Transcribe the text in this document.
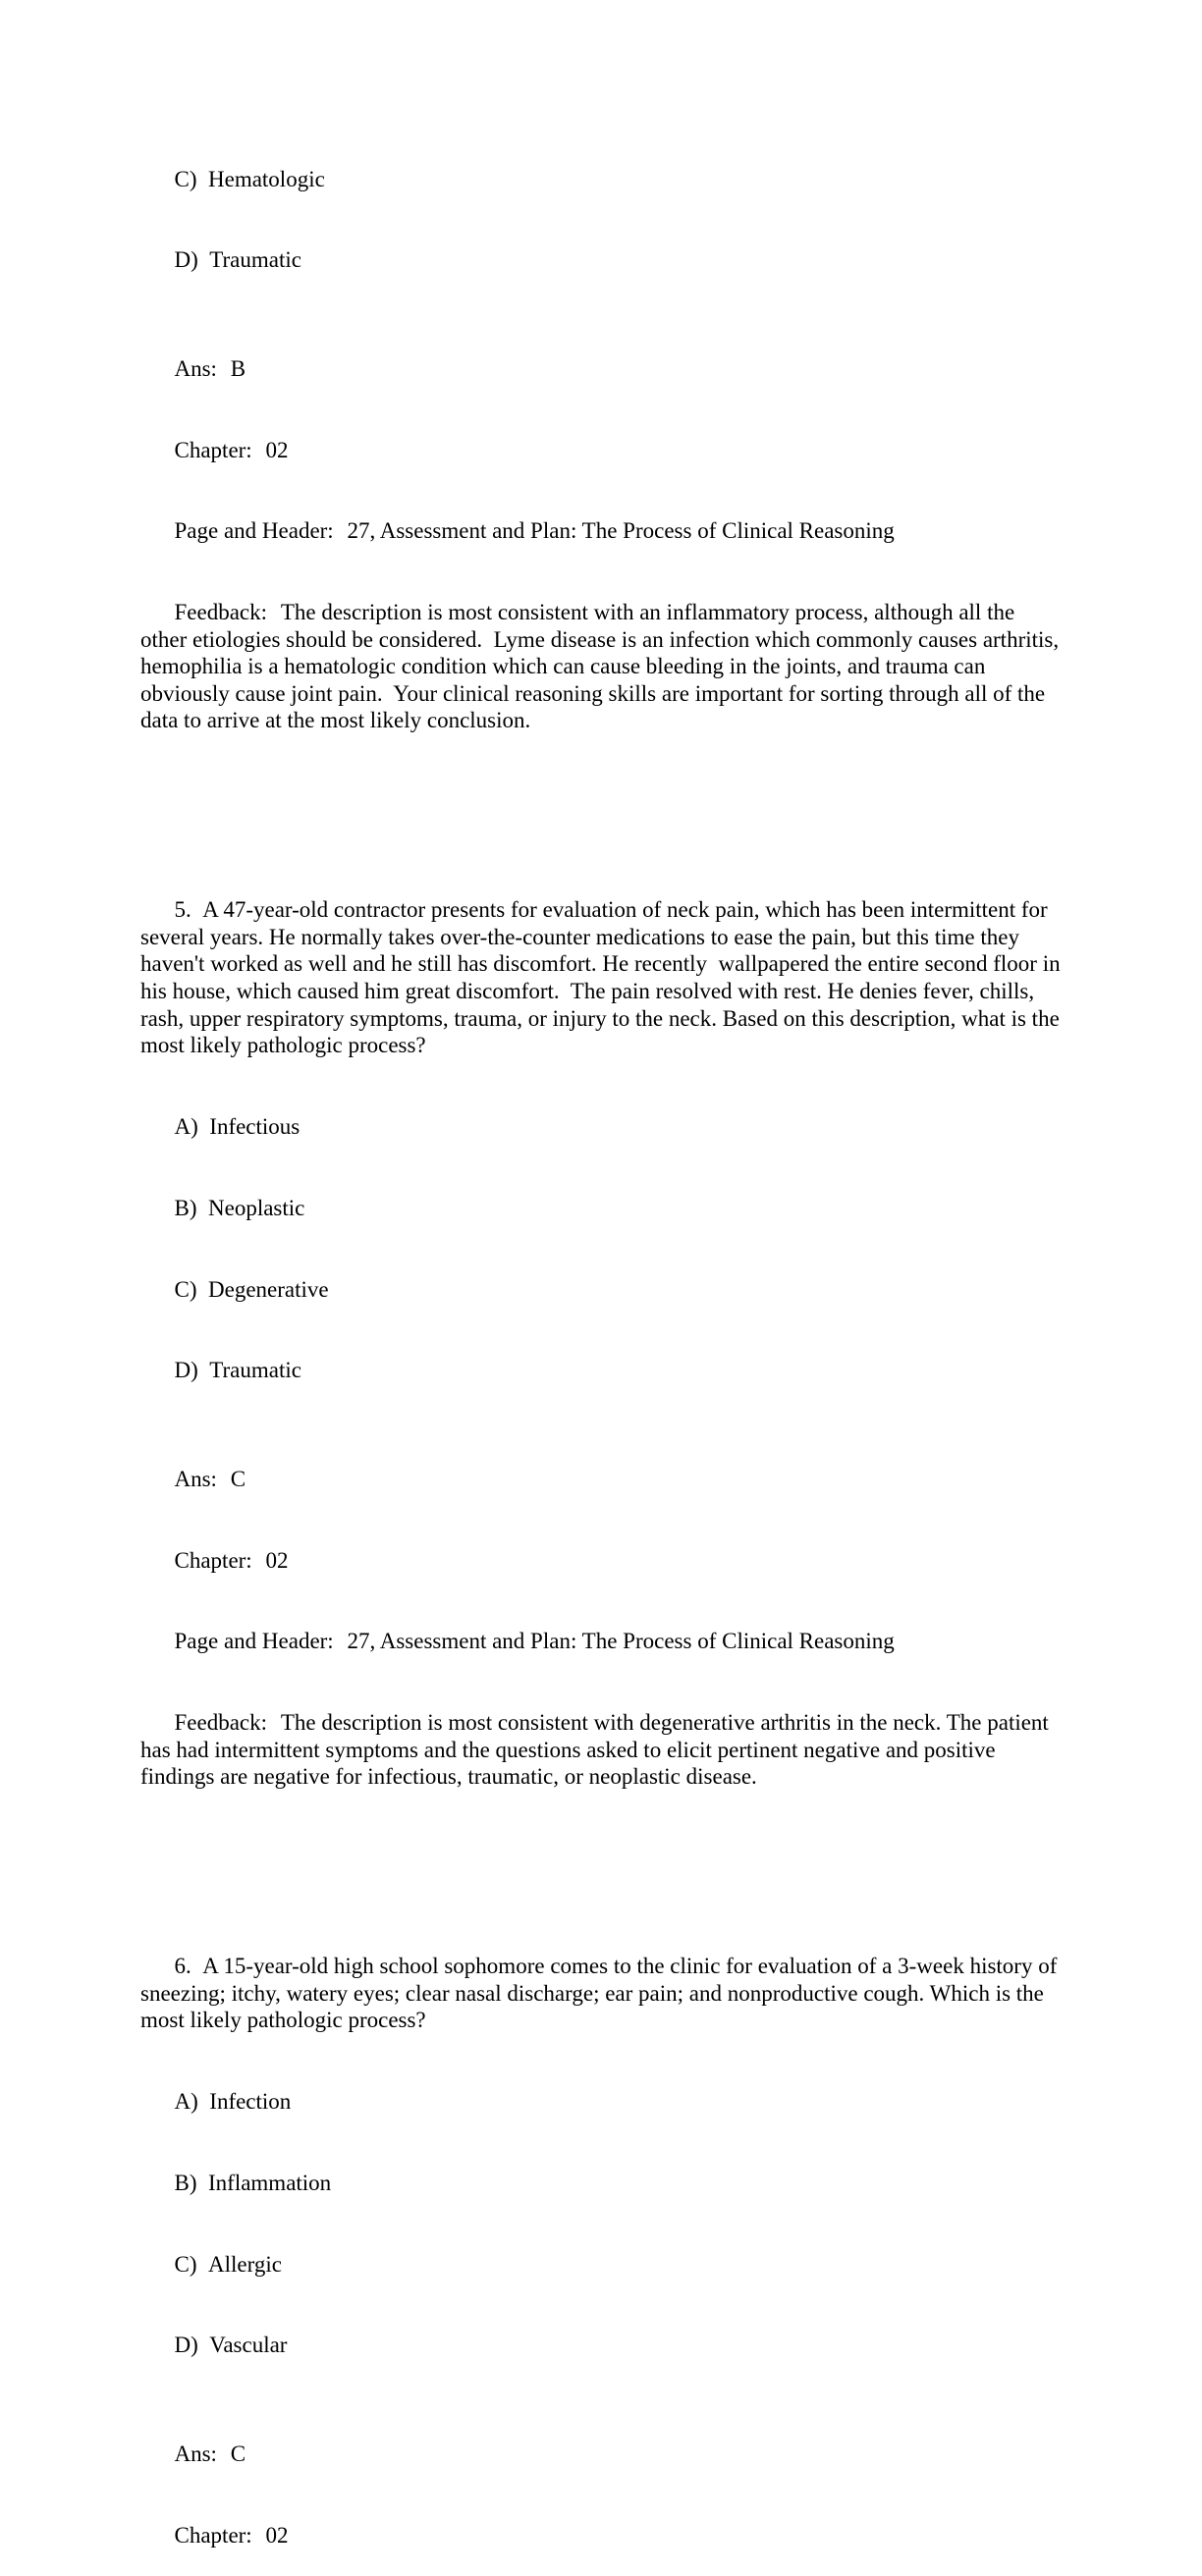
C) Hematologic

D) Traumatic

Ans: B

Chapter: 02

Page and Header: 27, Assessment and Plan: The Process of Clinical Reasoning

Feedback: The description is most consistent with an inflammatory process, although all the other etiologies should be considered.  Lyme disease is an infection which commonly causes arthritis, hemophilia is a hematologic condition which can cause bleeding in the joints, and trauma can obviously cause joint pain.  Your clinical reasoning skills are important for sorting through all of the data to arrive at the most likely conclusion.

5. A 47-year-old contractor presents for evaluation of neck pain, which has been intermittent for several years. He normally takes over-the-counter medications to ease the pain, but this time they haven't worked as well and he still has discomfort. He recently  wallpapered the entire second floor in his house, which caused him great discomfort.  The pain resolved with rest. He denies fever, chills, rash, upper respiratory symptoms, trauma, or injury to the neck. Based on this description, what is the most likely pathologic process?

A) Infectious

B) Neoplastic

C) Degenerative

D) Traumatic

Ans: C

Chapter: 02

Page and Header: 27, Assessment and Plan: The Process of Clinical Reasoning

Feedback: The description is most consistent with degenerative arthritis in the neck. The patient has had intermittent symptoms and the questions asked to elicit pertinent negative and positive findings are negative for infectious, traumatic, or neoplastic disease.

6. A 15-year-old high school sophomore comes to the clinic for evaluation of a 3-week history of sneezing; itchy, watery eyes; clear nasal discharge; ear pain; and nonproductive cough. Which is the most likely pathologic process?

A) Infection

B) Inflammation

C) Allergic

D) Vascular

Ans: C

Chapter: 02
